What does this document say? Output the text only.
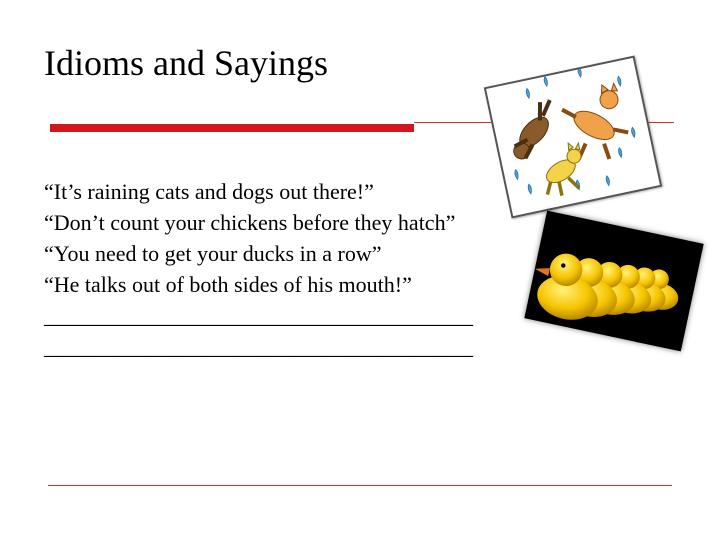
Idioms and Sayings
“It’s raining cats and dogs out there!”
“Don’t count your chickens before they hatch”
“You need to get your ducks in a row”
“He talks out of both sides of his mouth!”
_______________________________________
_______________________________________
